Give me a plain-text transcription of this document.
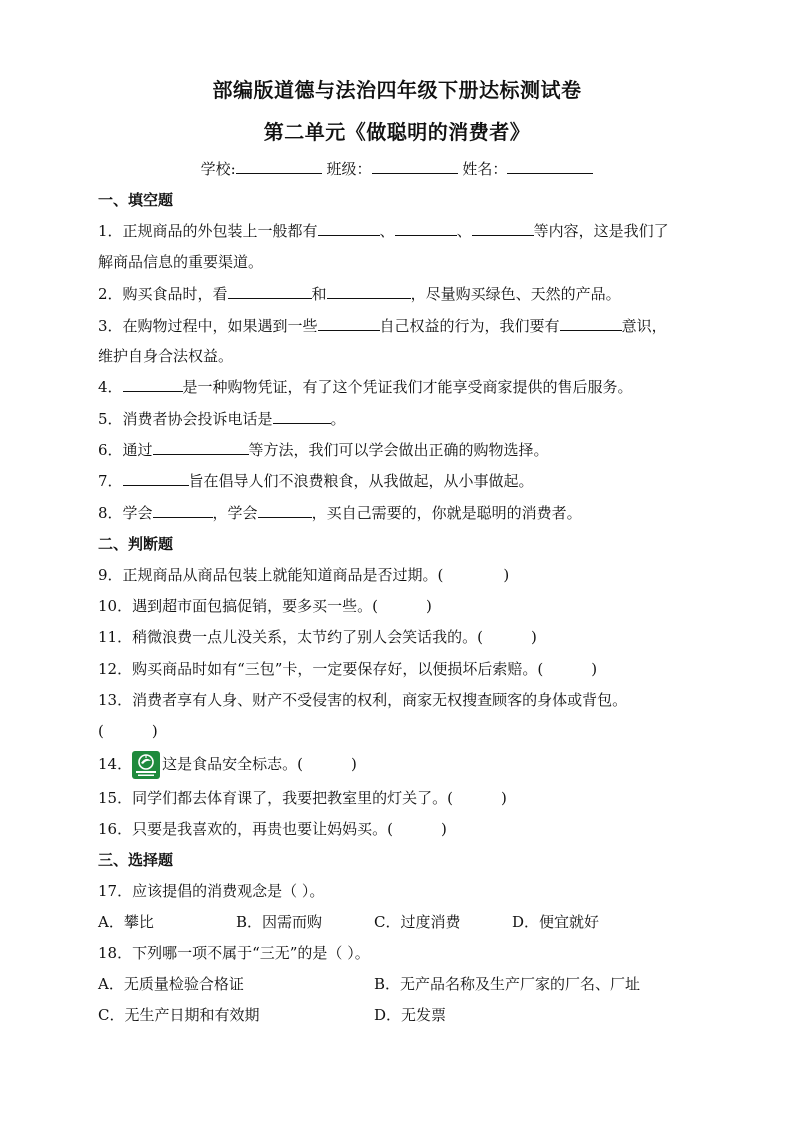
部编版道德与法治四年级下册达标测试卷
第二单元《做聪明的消费者》
学校:	班级：	姓名：
一、填空题
1．正规商品的外包装上一般都有	、	、	等内容，这是我们了
解商品信息的重要渠道。
2．购买食品时，看	和	，尽量购买绿色、天然的产品。
3．在购物过程中，如果遇到一些	自己权益的行为，我们要有	意识，
维护自身合法权益。
4．	是一种购物凭证，有了这个凭证我们才能享受商家提供的售后服务。
5．消费者协会投诉电话是	。
6．通过	等方法，我们可以学会做出正确的购物选择。
7．	旨在倡导人们不浪费粮食，从我做起，从小事做起。
8．学会	，学会	，买自己需要的，你就是聪明的消费者。
二、判断题
9．正规商品从商品包装上就能知道商品是否过期。(	)
10．遇到超市面包搞促销，要多买一些。(	)
11．稍微浪费一点儿没关系，太节约了别人会笑话我的。(	)
12．购买商品时如有“三包”卡，一定要保存好，以便损坏后索赔。(	)
13．消费者享有人身、财产不受侵害的权利，商家无权搜查顾客的身体或背包。
(	)
14． 这是食品安全标志。(	)
15．同学们都去体育课了，我要把教室里的灯关了。(	)
16．只要是我喜欢的，再贵也要让妈妈买。(	)
三、选择题
17．应该提倡的消费观念是（ ）。
A．攀比	B．因需而购	C．过度消费	D．便宜就好
18．下列哪一项不属于“三无”的是（ ）。
A．无质量检验合格证	B．无产品名称及生产厂家的厂名、厂址
C．无生产日期和有效期	D．无发票
